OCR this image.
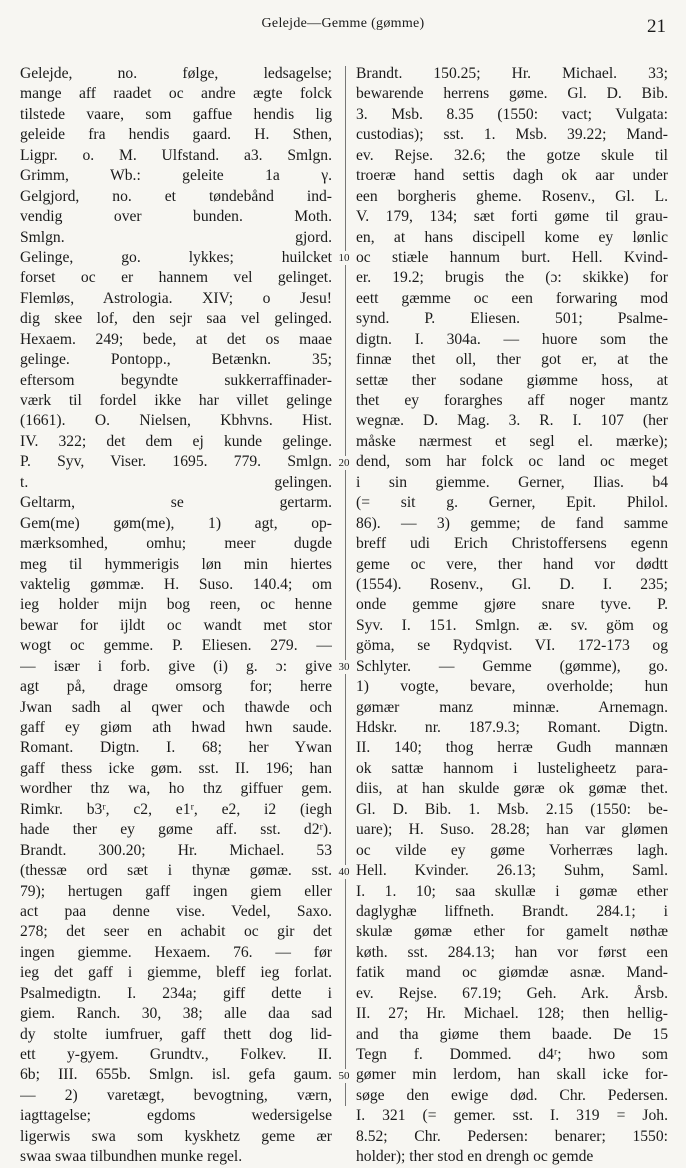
Gelejde—Gemme (gømme)	21
Gelejde, no. følge, ledsagelse;
mange aff raadet oc andre ægte folck
tilstede vaare, som gaffue hendis lig
geleide fra hendis gaard. H. Sthen,
Ligpr. o. M. Ulfstand. a3. Smlgn.
Grimm, Wb.: geleite 1a γ.
Gelgjord, no. et tøndebånd ind-
vendig over bunden. Moth.
Smlgn. gjord.
Gelinge, go. lykkes; huilcket
forset oc er hannem vel gelinget.
Flemløs, Astrologia. XIV; o Jesu!
dig skee lof, den sejr saa vel gelinged.
Hexaem. 249; bede, at det os maae
gelinge. Pontopp., Betænkn. 35;
eftersom begyndte sukkerraffinader-
værk til fordel ikke har villet gelinge
(1661). O. Nielsen, Kbhvns. Hist.
IV. 322; det dem ej kunde gelinge.
P. Syv, Viser. 1695. 779. Smlgn.
t. gelingen.
Geltarm, se gertarm.
Gem(me) gøm(me), 1) agt, op-
mærksomhed, omhu; meer dugde
meg til hymmerigis løn min hiertes
vaktelig gømmæ. H. Suso. 140.4; om
ieg holder mijn bog reen, oc henne
bewar for ijldt oc wandt met stor
wogt oc gemme. P. Eliesen. 279. —
— især i forb. give (i) g. ɔ: give
agt på, drage omsorg for; herre
Jwan sadh al qwer och thawde och
gaff ey giøm ath hwad hwn saude.
Romant. Digtn. I. 68; her Ywan
gaff thess icke gøm. sst. II. 196; han
wordher thz wa, ho thz giffuer gem.
Rimkr. b3ʳ, c2, e1ʳ, e2, i2 (iegh
hade ther ey gøme aff. sst. d2ʳ).
Brandt. 300.20; Hr. Michael. 53
(thessæ ord sæt i thynæ gømæ. sst.
79); hertugen gaff ingen giem eller
act paa denne vise. Vedel, Saxo.
278; det seer en achabit oc gir det
ingen giemme. Hexaem. 76. — før
ieg det gaff i giemme, bleff ieg forlat.
Psalmedigtn. I. 234a; giff dette i
giem. Ranch. 30, 38; alle daa sad
dy stolte iumfruer, gaff thett dog lid-
ett y-gyem. Grundtv., Folkev. II.
6b; III. 655b. Smlgn. isl. gefa gaum.
— 2) varetægt, bevogtning, værn,
iagttagelse; egdoms wedersigelse
ligerwis swa som kyskhetz geme ær
swaa swaa tilbundhen munke regel.
10
20
30
40
50
Brandt. 150.25; Hr. Michael. 33;
bewarende herrens gøme. Gl. D. Bib.
3. Msb. 8.35 (1550: vact; Vulgata:
custodias); sst. 1. Msb. 39.22; Mand-
ev. Rejse. 32.6; the gotze skule til
troeræ hand settis dagh ok aar under
een borgheris gheme. Rosenv., Gl. L.
V. 179, 134; sæt forti gøme til grau-
en, at hans discipell kome ey lønlic
oc stiæle hannum burt. Hell. Kvind-
er. 19.2; brugis the (ɔ: skikke) for
eett gæmme oc een forwaring mod
synd. P. Eliesen. 501; Psalme-
digtn. I. 304a. — huore som the
finnæ thet oll, ther got er, at the
settæ ther sodane giømme hoss, at
thet ey forarghes aff noger mantz
wegnæ. D. Mag. 3. R. I. 107 (her
måske nærmest et segl el. mærke);
dend, som har folck oc land oc meget
i sin giemme. Gerner, Ilias. b4
(= sit g. Gerner, Epit. Philol.
86). — 3) gemme; de fand samme
breff udi Erich Christoffersens egenn
geme oc vere, ther hand vor dødtt
(1554). Rosenv., Gl. D. I. 235;
onde gemme gjøre snare tyve. P.
Syv. I. 151. Smlgn. æ. sv. göm og
göma, se Rydqvist. VI. 172-173 og
Schlyter. — Gemme (gømme), go.
1) vogte, bevare, overholde; hun
gømær manz minnæ. Arnemagn.
Hdskr. nr. 187.9.3; Romant. Digtn.
II. 140; thog herræ Gudh mannæn
ok sattæ hannom i lusteligheetz para-
diis, at han skulde gøræ ok gømæ thet.
Gl. D. Bib. 1. Msb. 2.15 (1550: be-
uare); H. Suso. 28.28; han var glømen
oc vilde ey gøme Vorherræs lagh.
Hell. Kvinder. 26.13; Suhm, Saml.
I. 1. 10; saa skullæ i gømæ ether
daglyghæ liffneth. Brandt. 284.1; i
skulæ gømæ ether for gamelt nøthæ
køth. sst. 284.13; han vor først een
fatik mand oc giømdæ asnæ. Mand-
ev. Rejse. 67.19; Geh. Ark. Årsb.
II. 27; Hr. Michael. 128; then hellig-
and tha giøme them baade. De 15
Tegn f. Dommed. d4ʳ; hwo som
gømer min lerdom, han skall icke for-
søge den ewige død. Chr. Pedersen.
I. 321 (= gemer. sst. I. 319 = Joh.
8.52; Chr. Pedersen: benarer; 1550:
holder); ther stod en drengh oc gemde
